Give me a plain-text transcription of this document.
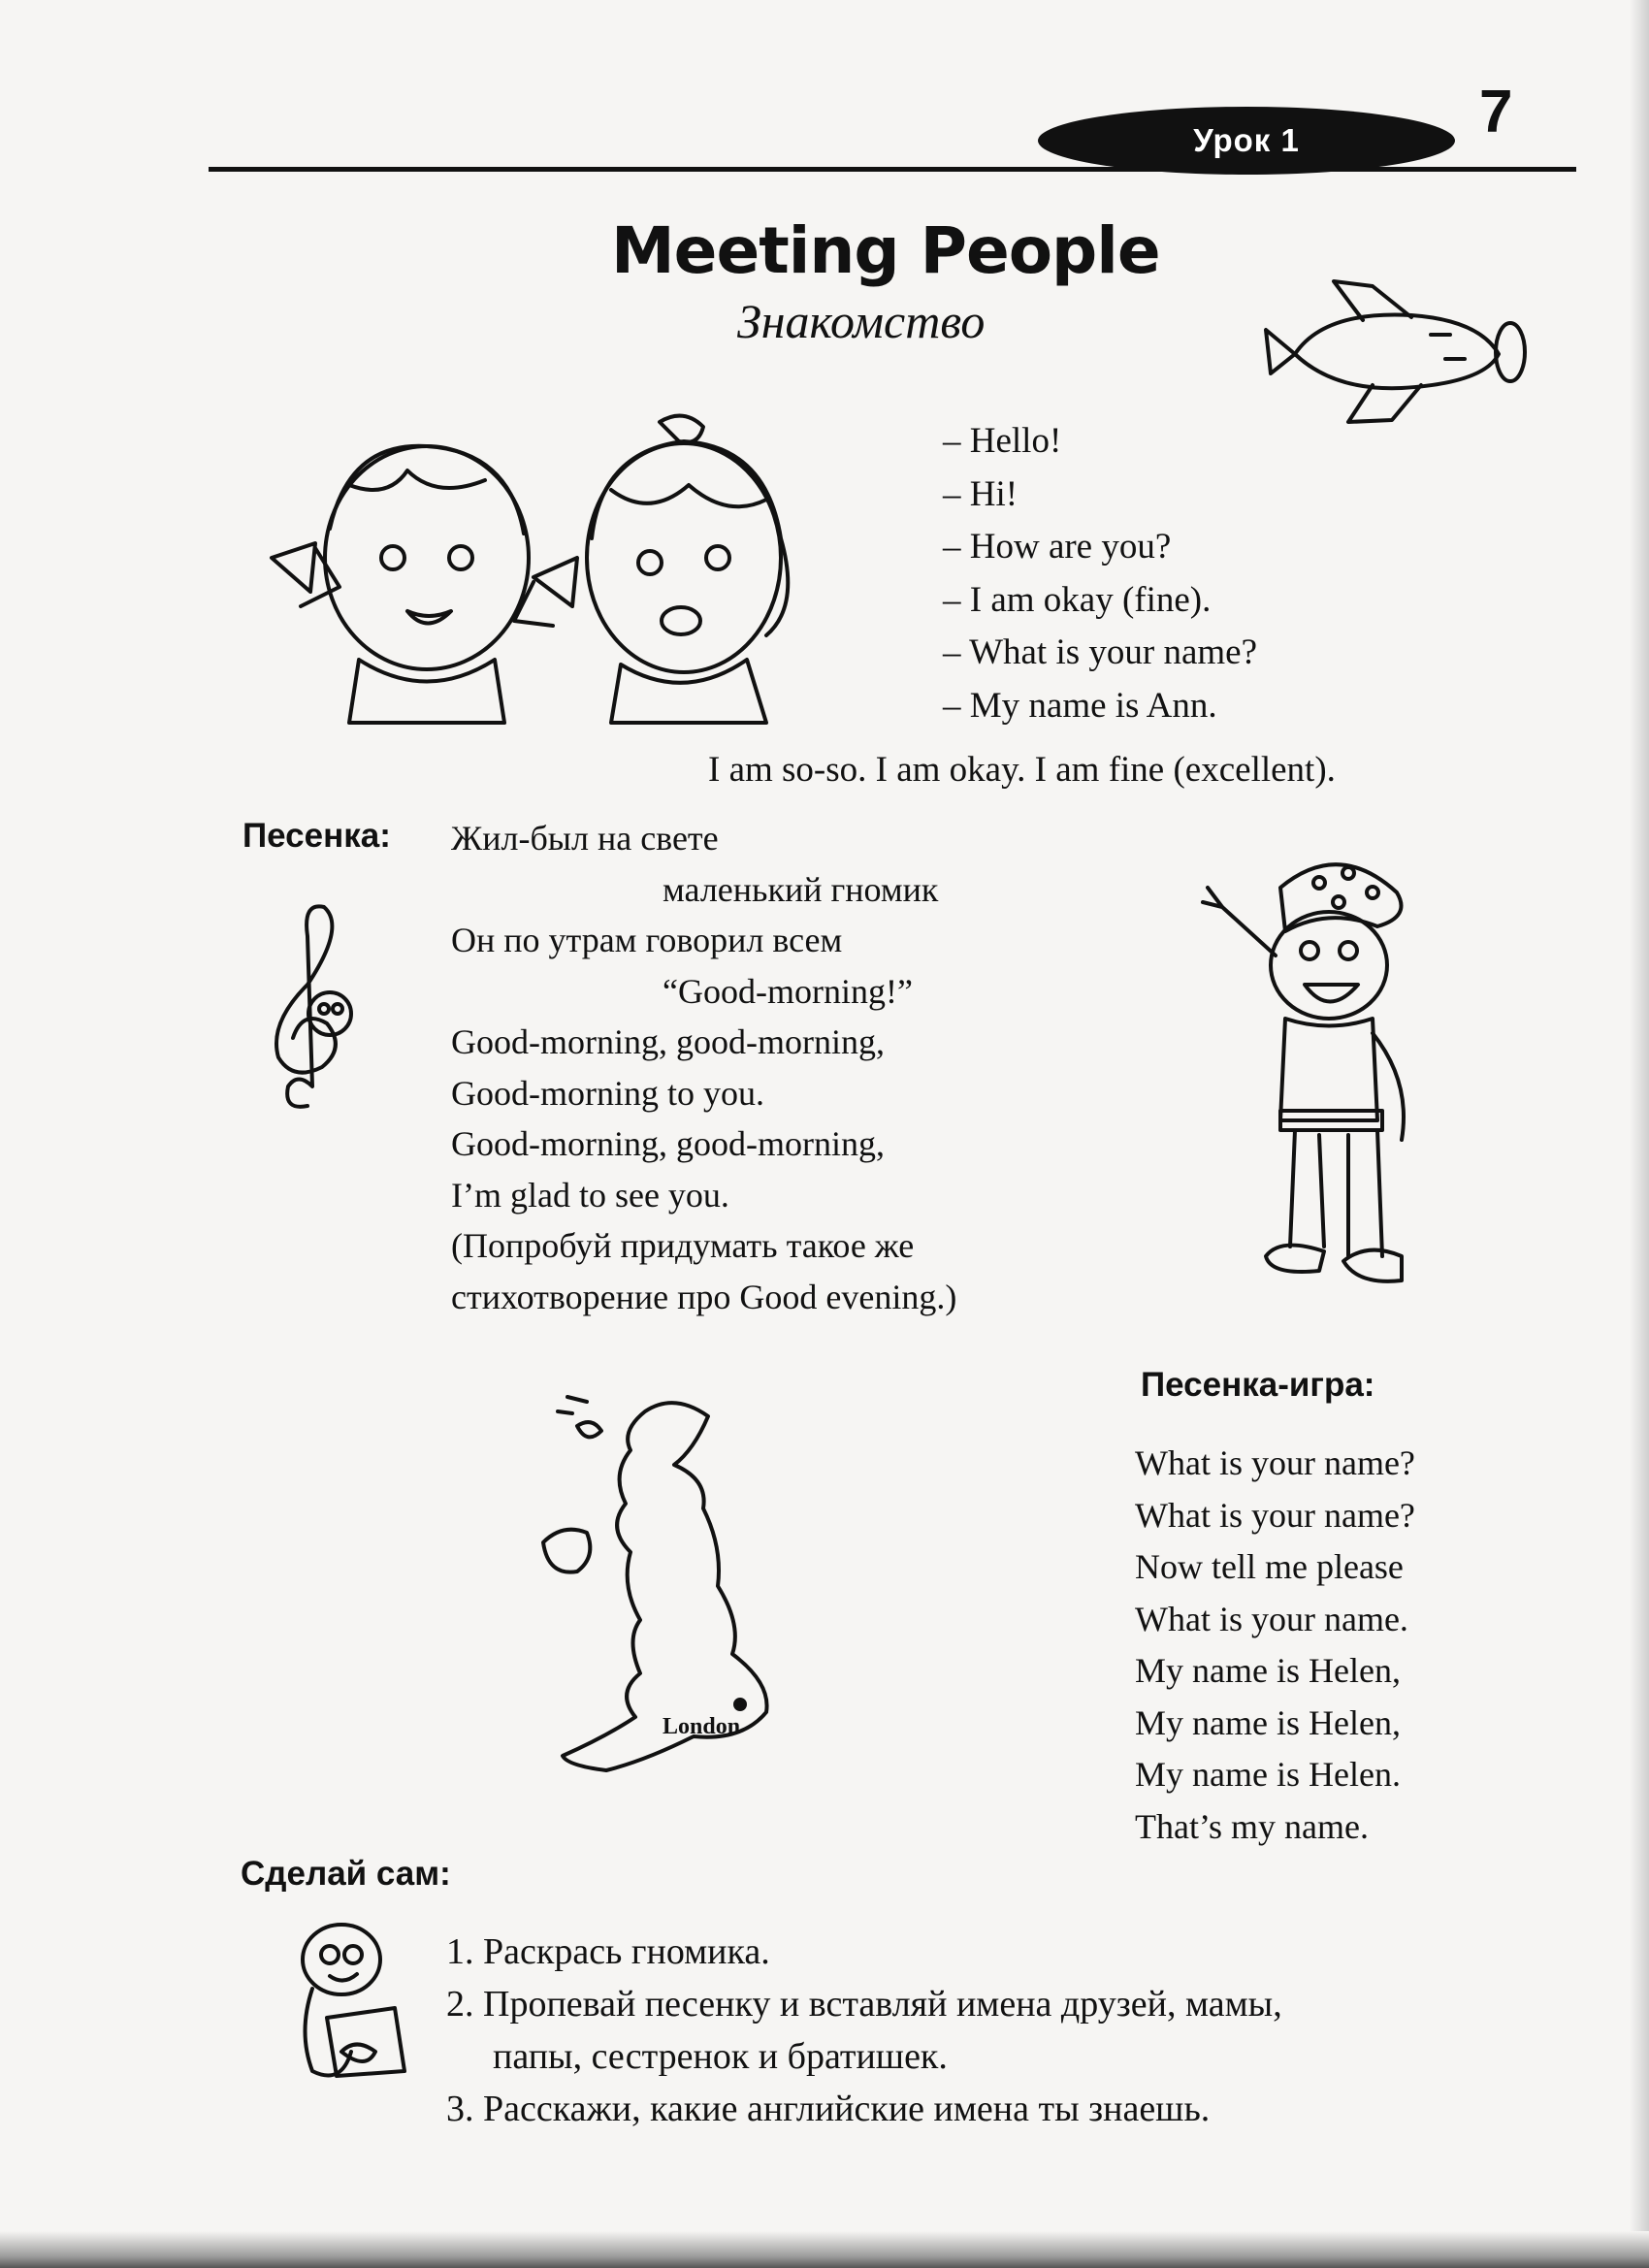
Урок 1	7
Meeting People
Знакомство
– Hello!
– Hi!
– How are you?
– I am okay (fine).
– What is your name?
– My name is Ann.
I am so-so. I am okay. I am fine (excellent).
Песенка: Жил-был на свете
маленький гномик
Он по утрам говорил всем
“Good-morning!”
Good-morning, good-morning,
Good-morning to you.
Good-morning, good-morning,
I’m glad to see you.
(Попробуй придумать такое же
стихотворение про Good evening.)
Песенка-игра:
What is your name?
What is your name?
Now tell me please
What is your name.
My name is Helen,
My name is Helen,
My name is Helen.
That’s my name.
London
Сделай сам:
1. Раскрась гномика.
2. Пропевай песенку и вставляй имена друзей, мамы,
папы, сестренок и братишек.
3. Расскажи, какие английские имена ты знаешь.
